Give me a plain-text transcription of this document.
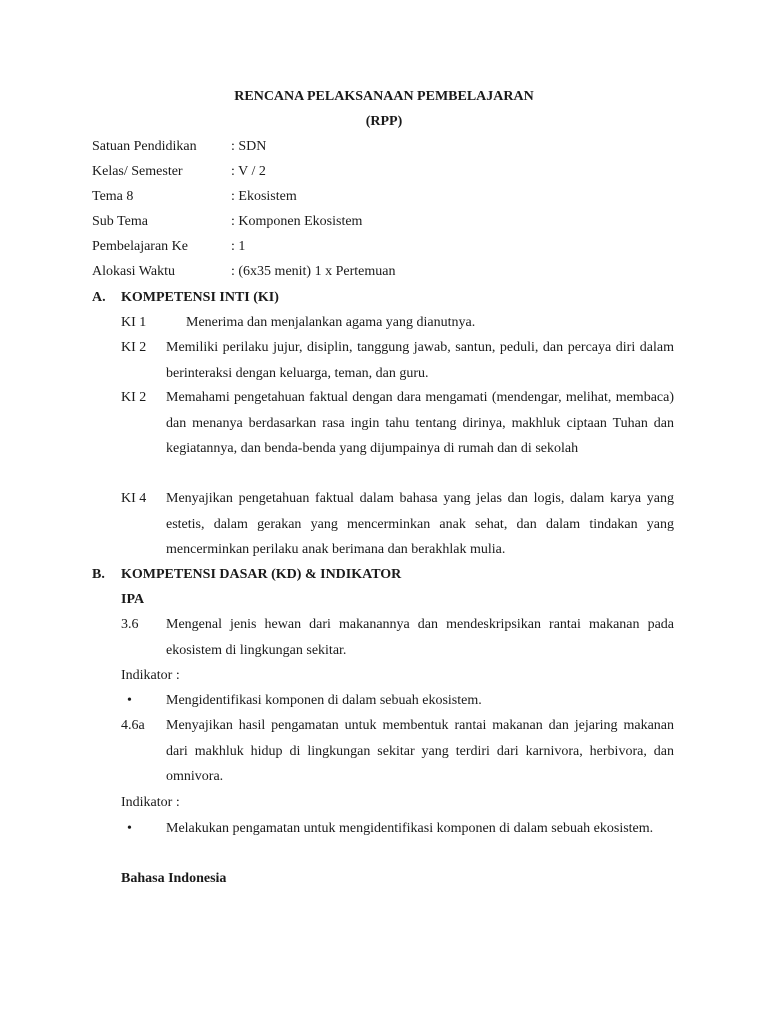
RENCANA PELAKSANAAN PEMBELAJARAN
(RPP)
Satuan Pendidikan : SDN
Kelas/ Semester	: V / 2
Tema 8	: Ekosistem
Sub Tema	: Komponen Ekosistem
Pembelajaran Ke	: 1
Alokasi Waktu	: (6x35 menit) 1 x Pertemuan
A. KOMPETENSI INTI (KI)
KI 1	Menerima dan menjalankan agama yang dianutnya.
KI 2 Memiliki perilaku jujur, disiplin, tanggung jawab, santun, peduli, dan percaya diri dalam berinteraksi dengan keluarga, teman, dan guru.
KI 2 Memahami pengetahuan faktual dengan dara mengamati (mendengar, melihat, membaca) dan menanya berdasarkan rasa ingin tahu tentang dirinya, makhluk ciptaan Tuhan dan kegiatannya, dan benda-benda yang dijumpainya di rumah dan di sekolah
KI 4 Menyajikan pengetahuan faktual dalam bahasa yang jelas dan logis, dalam karya yang estetis, dalam gerakan yang mencerminkan anak sehat, dan dalam tindakan yang mencerminkan perilaku anak berimana dan berakhlak mulia.
B. KOMPETENSI DASAR (KD) & INDIKATOR
IPA
3.6 Mengenal jenis hewan dari makanannya dan mendeskripsikan rantai makanan pada ekosistem di lingkungan sekitar.
Indikator :
• Mengidentifikasi komponen di dalam sebuah ekosistem.
4.6a Menyajikan hasil pengamatan untuk membentuk rantai makanan dan jejaring makanan dari makhluk hidup di lingkungan sekitar yang terdiri dari karnivora, herbivora, dan omnivora.
Indikator :
• Melakukan pengamatan untuk mengidentifikasi komponen di dalam sebuah ekosistem.
Bahasa Indonesia
